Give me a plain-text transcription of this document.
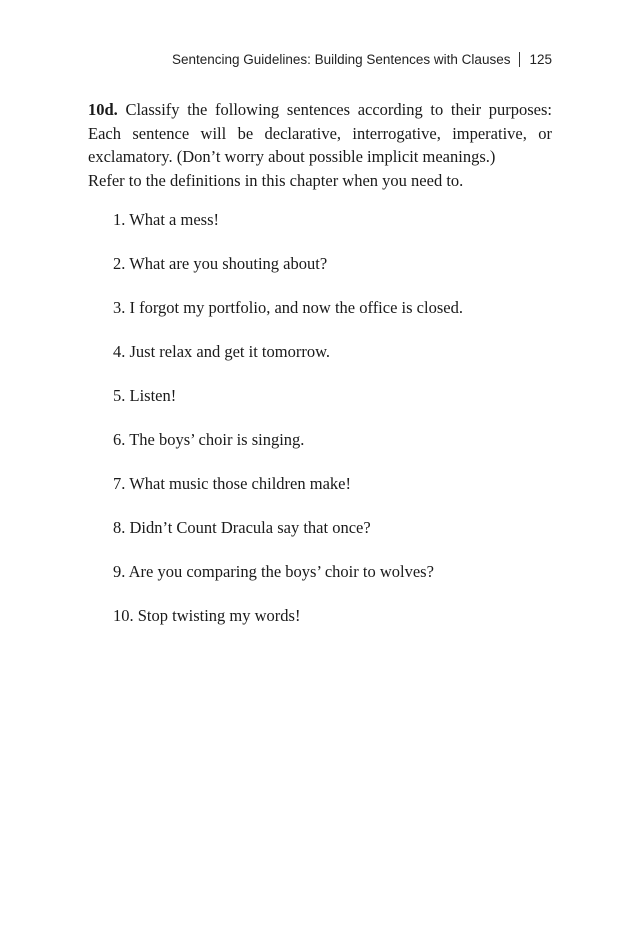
Sentencing Guidelines: Building Sentences with Clauses 125

10d. Classify the following sentences according to their purposes: Each sentence will be declarative, interrogative, imperative, or exclamatory. (Don’t worry about possible implicit meanings.)
Refer to the definitions in this chapter when you need to.

1. What a mess!
2. What are you shouting about?
3. I forgot my portfolio, and now the office is closed.
4. Just relax and get it tomorrow.
5. Listen!
6. The boys’ choir is singing.
7. What music those children make!
8. Didn’t Count Dracula say that once?
9. Are you comparing the boys’ choir to wolves?
10. Stop twisting my words!
